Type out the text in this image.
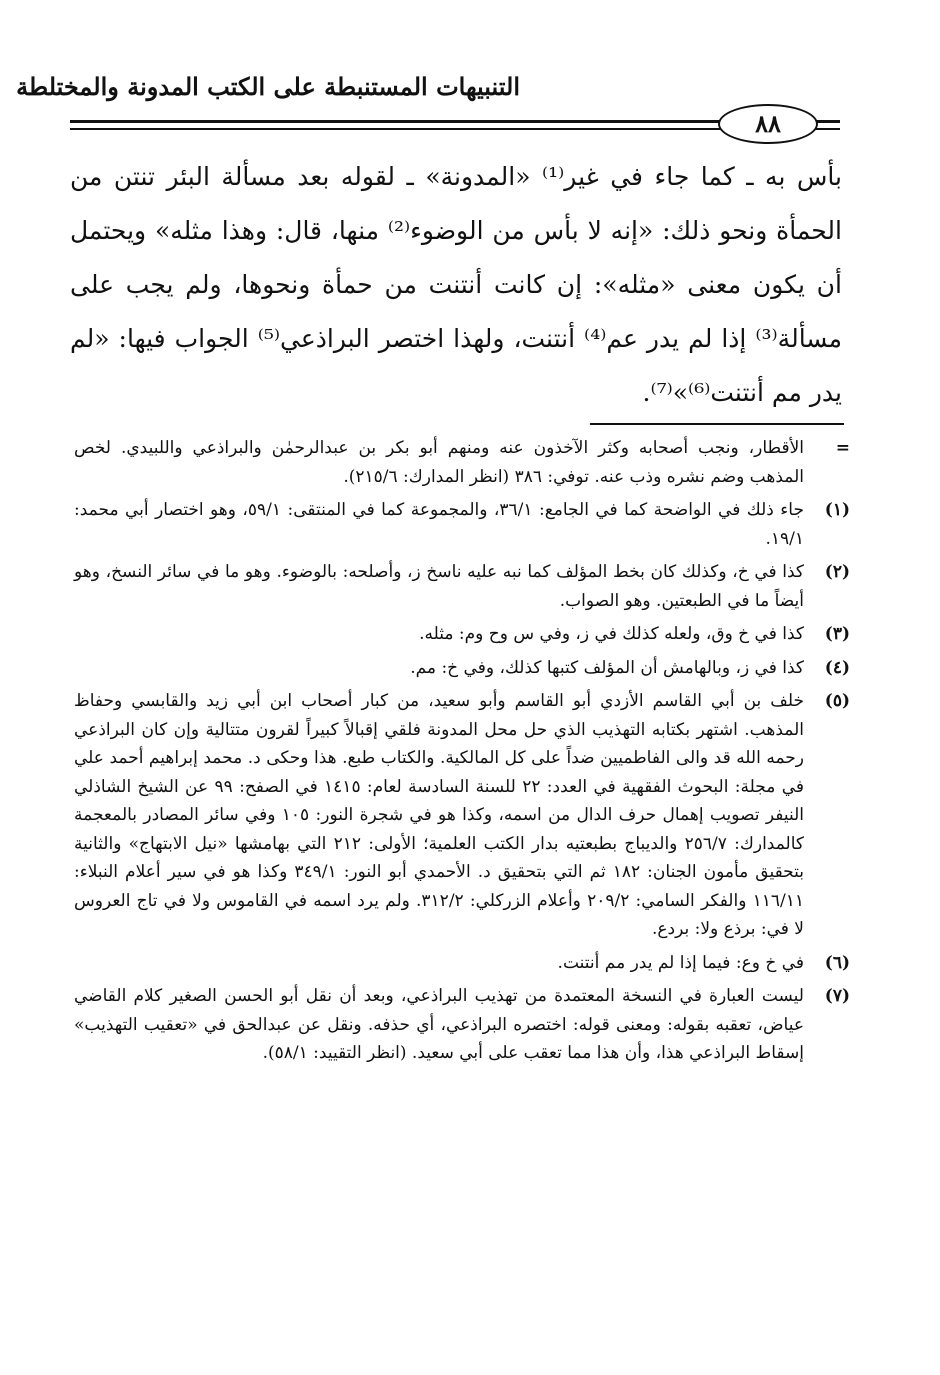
التنبيهات المستنبطة على الكتب المدونة والمختلطة
٨٨

بأس به ـ كما جاء في غير⁽¹⁾ «المدونة» ـ لقوله بعد مسألة البئر تنتن من الحمأة ونحو ذلك: «إنه لا بأس من الوضوء⁽²⁾ منها، قال: وهذا مثله» ويحتمل أن يكون معنى «مثله»: إن كانت أنتنت من حمأة ونحوها، ولم يجب على مسألة⁽³⁾ إذا لم يدر عم⁽⁴⁾ أنتنت، ولهذا اختصر البراذعي⁽⁵⁾ الجواب فيها: «لم يدر مم أنتنت⁽⁶⁾»⁽⁷⁾.

=
الأقطار، ونجب أصحابه وكثر الآخذون عنه ومنهم أبو بكر بن عبدالرحمٰن والبراذعي واللبيدي. لخص المذهب وضم نشره وذب عنه. توفي: ٣٨٦ (انظر المدارك: ٢١٥/٦).
(١)
جاء ذلك في الواضحة كما في الجامع: ٣٦/١، والمجموعة كما في المنتقى: ٥٩/١، وهو اختصار أبي محمد: ١٩/١.
(٢)
كذا في خ، وكذلك كان بخط المؤلف كما نبه عليه ناسخ ز، وأصلحه: بالوضوء. وهو ما في سائر النسخ، وهو أيضاً ما في الطبعتين. وهو الصواب.
(٣)
كذا في خ وق، ولعله كذلك في ز، وفي س وح وم: مثله.
(٤)
كذا في ز، وبالهامش أن المؤلف كتبها كذلك، وفي خ: مم.
(٥)
خلف بن أبي القاسم الأزدي أبو القاسم وأبو سعيد، من كبار أصحاب ابن أبي زيد والقابسي وحفاظ المذهب. اشتهر بكتابه التهذيب الذي حل محل المدونة فلقي إقبالاً كبيراً لقرون متتالية وإن كان البراذعي رحمه الله قد والى الفاطميين ضداً على كل المالكية. والكتاب طبع. هذا وحكى د. محمد إبراهيم أحمد علي في مجلة: البحوث الفقهية في العدد: ٢٢ للسنة السادسة لعام: ١٤١٥ في الصفح: ٩٩ عن الشيخ الشاذلي النيفر تصويب إهمال حرف الدال من اسمه، وكذا هو في شجرة النور: ١٠٥ وفي سائر المصادر بالمعجمة كالمدارك: ٢٥٦/٧ والديباج بطبعتيه بدار الكتب العلمية؛ الأولى: ٢١٢ التي بهامشها «نيل الابتهاج» والثانية بتحقيق مأمون الجنان: ١٨٢ ثم التي بتحقيق د. الأحمدي أبو النور: ٣٤٩/١ وكذا هو في سير أعلام النبلاء: ١١٦/١١ والفكر السامي: ٢٠٩/٢ وأعلام الزركلي: ٣١٢/٢. ولم يرد اسمه في القاموس ولا في تاج العروس لا في: برذع ولا: بردع.
(٦)
في خ وع: فيما إذا لم يدر مم أنتنت.
(٧)
ليست العبارة في النسخة المعتمدة من تهذيب البراذعي، وبعد أن نقل أبو الحسن الصغير كلام القاضي عياض، تعقبه بقوله: ومعنى قوله: اختصره البراذعي، أي حذفه. ونقل عن عبدالحق في «تعقيب التهذيب» إسقاط البراذعي هذا، وأن هذا مما تعقب على أبي سعيد. (انظر التقييد: ٥٨/١).
